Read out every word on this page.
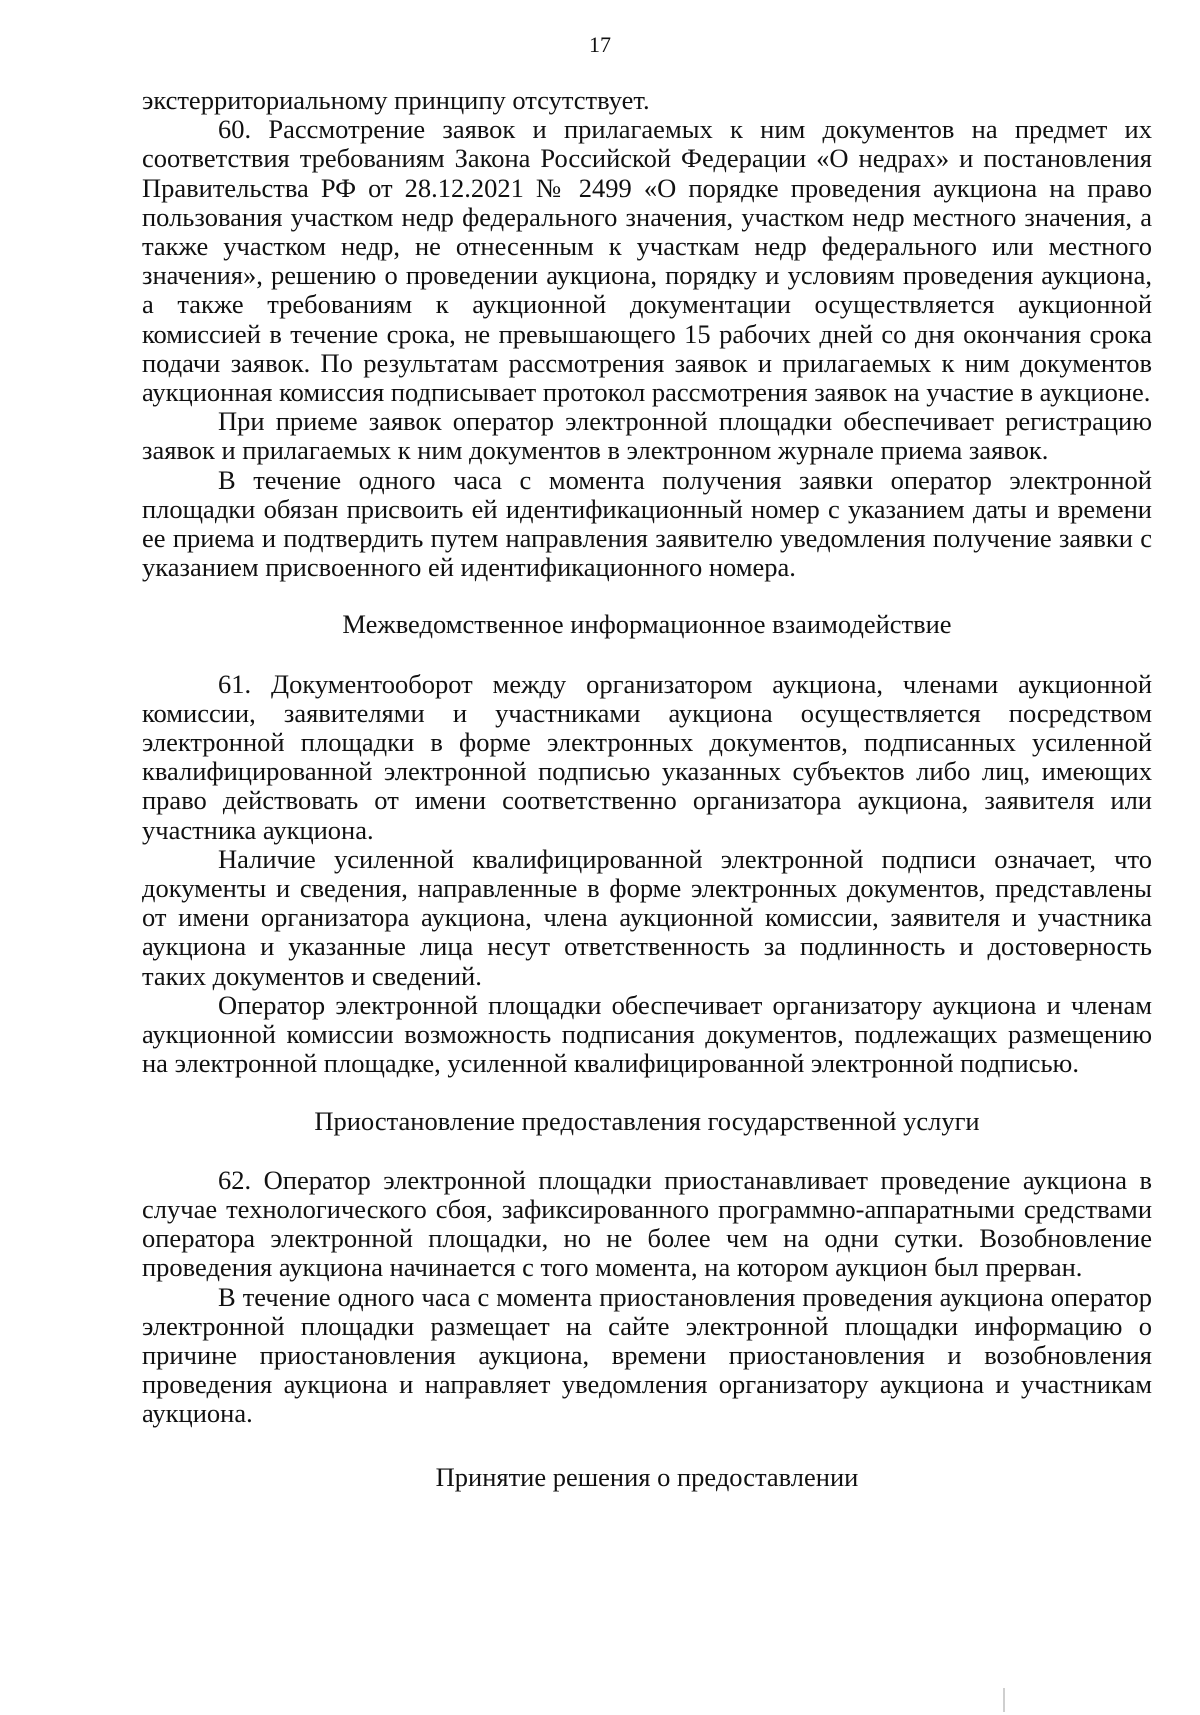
17

экстерриториальному принципу отсутствует.

60. Рассмотрение заявок и прилагаемых к ним документов на предмет их соответствия требованиям Закона Российской Федерации «О недрах» и постановления Правительства РФ от 28.12.2021 № 2499 «О порядке проведения аукциона на право пользования участком недр федерального значения, участком недр местного значения, а также участком недр, не отнесенным к участкам недр федерального или местного значения», решению о проведении аукциона, порядку и условиям проведения аукциона, а также требованиям к аукционной документации осуществляется аукционной комиссией в течение срока, не превышающего 15 рабочих дней со дня окончания срока подачи заявок. По результатам рассмотрения заявок и прилагаемых к ним документов аукционная комиссия подписывает протокол рассмотрения заявок на участие в аукционе.

При приеме заявок оператор электронной площадки обеспечивает регистрацию заявок и прилагаемых к ним документов в электронном журнале приема заявок.

В течение одного часа с момента получения заявки оператор электронной площадки обязан присвоить ей идентификационный номер с указанием даты и времени ее приема и подтвердить путем направления заявителю уведомления получение заявки с указанием присвоенного ей идентификационного номера.

Межведомственное информационное взаимодействие

61. Документооборот между организатором аукциона, членами аукционной комиссии, заявителями и участниками аукциона осуществляется посредством электронной площадки в форме электронных документов, подписанных усиленной квалифицированной электронной подписью указанных субъектов либо лиц, имеющих право действовать от имени соответственно организатора аукциона, заявителя или участника аукциона.

Наличие усиленной квалифицированной электронной подписи означает, что документы и сведения, направленные в форме электронных документов, представлены от имени организатора аукциона, члена аукционной комиссии, заявителя и участника аукциона и указанные лица несут ответственность за подлинность и достоверность таких документов и сведений.

Оператор электронной площадки обеспечивает организатору аукциона и членам аукционной комиссии возможность подписания документов, подлежащих размещению на электронной площадке, усиленной квалифицированной электронной подписью.

Приостановление предоставления государственной услуги

62. Оператор электронной площадки приостанавливает проведение аукциона в случае технологического сбоя, зафиксированного программно-аппаратными средствами оператора электронной площадки, но не более чем на одни сутки. Возобновление проведения аукциона начинается с того момента, на котором аукцион был прерван.

В течение одного часа с момента приостановления проведения аукциона оператор электронной площадки размещает на сайте электронной площадки информацию о причине приостановления аукциона, времени приостановления и возобновления проведения аукциона и направляет уведомления организатору аукциона и участникам аукциона.

Принятие решения о предоставлении
